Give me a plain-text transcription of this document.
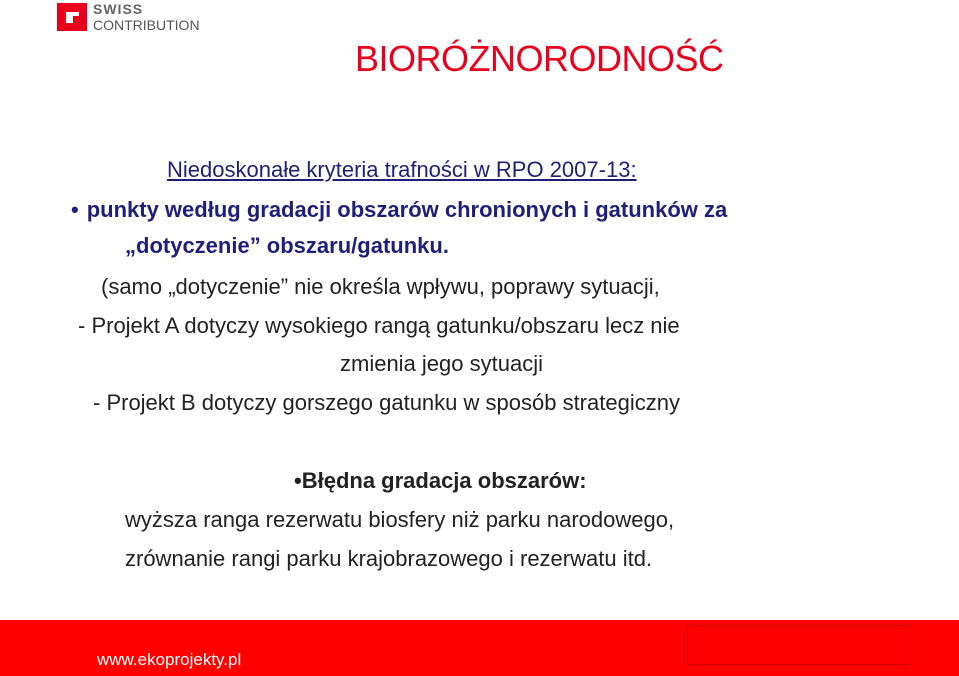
SWISS
CONTRIBUTION
BIORÓŻNORODNOŚĆ
Niedoskonałe kryteria trafności w RPO 2007-13:
• punkty według gradacji obszarów chronionych i gatunków za
„dotyczenie” obszaru/gatunku.
(samo „dotyczenie” nie określa wpływu, poprawy sytuacji,
- Projekt A dotyczy wysokiego rangą gatunku/obszaru lecz nie
zmienia jego sytuacji
- Projekt B dotyczy gorszego gatunku w sposób strategiczny
•Błędna gradacja obszarów:
wyższa ranga rezerwatu biosfery niż parku narodowego,
zrównanie rangi parku krajobrazowego i rezerwatu itd.
www.ekoprojekty.pl
